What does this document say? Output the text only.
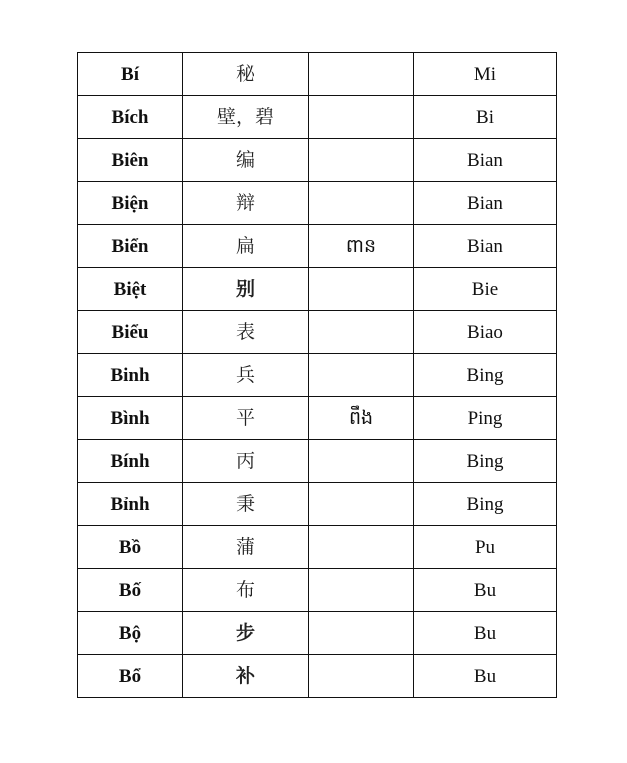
Bí	秘		Mi
Bích	壁，碧		Bi
Biên	编		Bian
Biện	辩		Bian
Biển	扁	ពាន	Bian
Biệt	别		Bie
Biểu	表		Biao
Binh	兵		Bing
Bình	平	ពឹង	Ping
Bính	丙		Bing
Bỉnh	秉		Bing
Bồ	蒲		Pu
Bố	布		Bu
Bộ	步		Bu
Bổ	补		Bu
